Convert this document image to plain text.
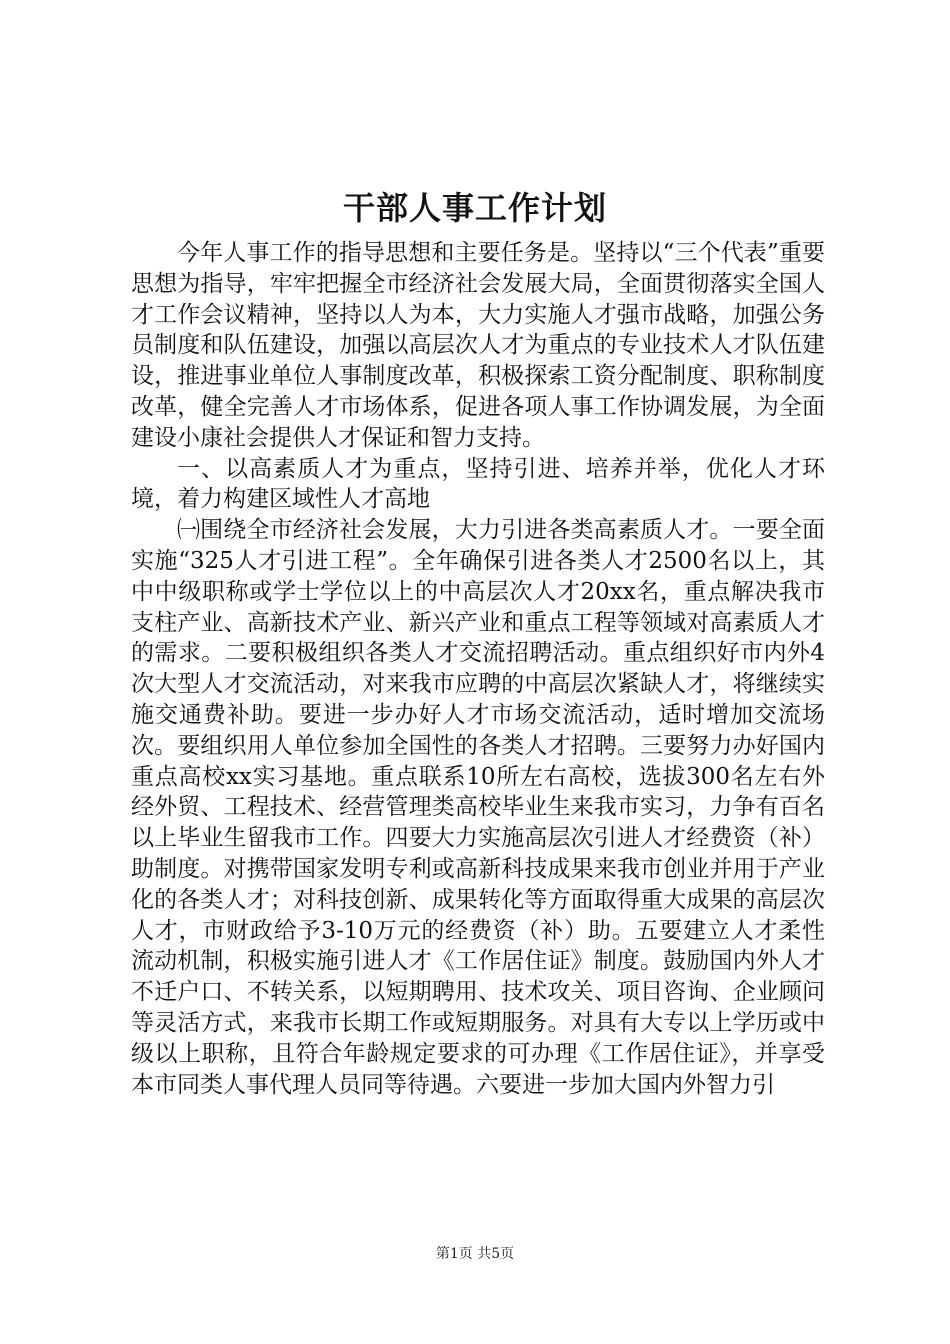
干部人事工作计划

今年人事工作的指导思想和主要任务是。坚持以“三个代表”重要思想为指导，牢牢把握全市经济社会发展大局，全面贯彻落实全国人才工作会议精神，坚持以人为本，大力实施人才强市战略，加强公务员制度和队伍建设，加强以高层次人才为重点的专业技术人才队伍建设，推进事业单位人事制度改革，积极探索工资分配制度、职称制度改革，健全完善人才市场体系，促进各项人事工作协调发展，为全面建设小康社会提供人才保证和智力支持。

一、以高素质人才为重点，坚持引进、培养并举，优化人才环境，着力构建区域性人才高地

㈠围绕全市经济社会发展，大力引进各类高素质人才。一要全面实施“325人才引进工程”。全年确保引进各类人才2500名以上，其中中级职称或学士学位以上的中高层次人才20xx名，重点解决我市支柱产业、高新技术产业、新兴产业和重点工程等领域对高素质人才的需求。二要积极组织各类人才交流招聘活动。重点组织好市内外4次大型人才交流活动，对来我市应聘的中高层次紧缺人才，将继续实施交通费补助。要进一步办好人才市场交流活动，适时增加交流场次。要组织用人单位参加全国性的各类人才招聘。三要努力办好国内重点高校xx实习基地。重点联系10所左右高校，选拔300名左右外经外贸、工程技术、经营管理类高校毕业生来我市实习，力争有百名以上毕业生留我市工作。四要大力实施高层次引进人才经费资（补）助制度。对携带国家发明专利或高新科技成果来我市创业并用于产业化的各类人才；对科技创新、成果转化等方面取得重大成果的高层次人才，市财政给予3-10万元的经费资（补）助。五要建立人才柔性流动机制，积极实施引进人才《工作居住证》制度。鼓励国内外人才不迁户口、不转关系，以短期聘用、技术攻关、项目咨询、企业顾问等灵活方式，来我市长期工作或短期服务。对具有大专以上学历或中级以上职称，且符合年龄规定要求的可办理《工作居住证》，并享受本市同类人事代理人员同等待遇。六要进一步加大国内外智力引

第1页 共5页
